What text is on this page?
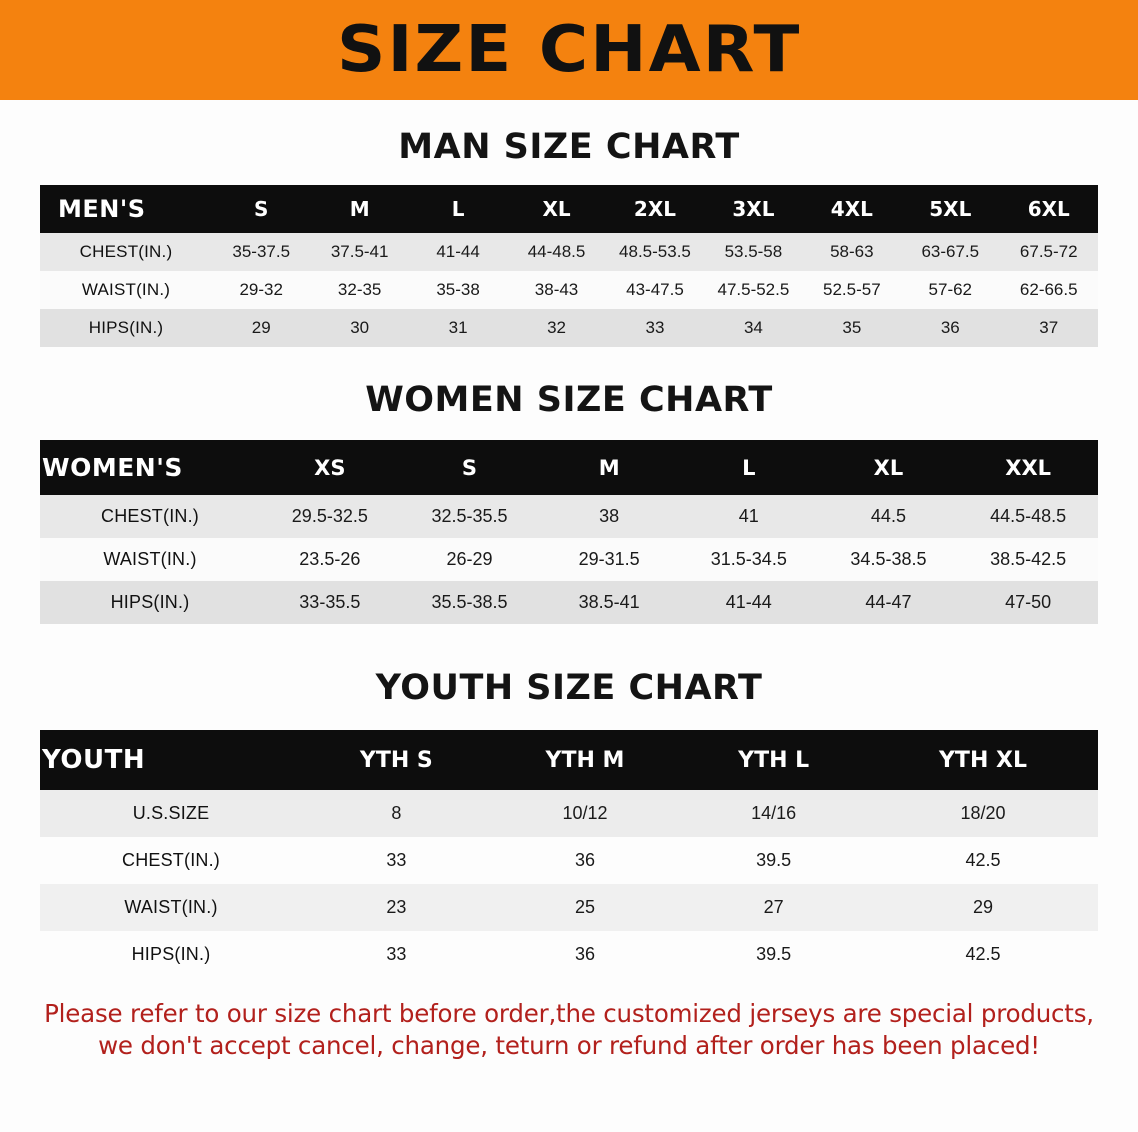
SIZE CHART
MAN SIZE CHART
MEN'S	S	M	L	XL	2XL	3XL	4XL	5XL	6XL
CHEST(IN.)	35-37.5	37.5-41	41-44	44-48.5	48.5-53.5	53.5-58	58-63	63-67.5	67.5-72
WAIST(IN.)	29-32	32-35	35-38	38-43	43-47.5	47.5-52.5	52.5-57	57-62	62-66.5
HIPS(IN.)	29	30	31	32	33	34	35	36	37
WOMEN SIZE CHART
WOMEN'S	XS	S	M	L	XL	XXL
CHEST(IN.)	29.5-32.5	32.5-35.5	38	41	44.5	44.5-48.5
WAIST(IN.)	23.5-26	26-29	29-31.5	31.5-34.5	34.5-38.5	38.5-42.5
HIPS(IN.)	33-35.5	35.5-38.5	38.5-41	41-44	44-47	47-50
YOUTH SIZE CHART
YOUTH	YTH S	YTH M	YTH L	YTH XL
U.S.SIZE	8	10/12	14/16	18/20
CHEST(IN.)	33	36	39.5	42.5
WAIST(IN.)	23	25	27	29
HIPS(IN.)	33	36	39.5	42.5
Please refer to our size chart before order,the customized jerseys are special products,
we don't accept cancel, change, teturn or refund after order has been placed!
